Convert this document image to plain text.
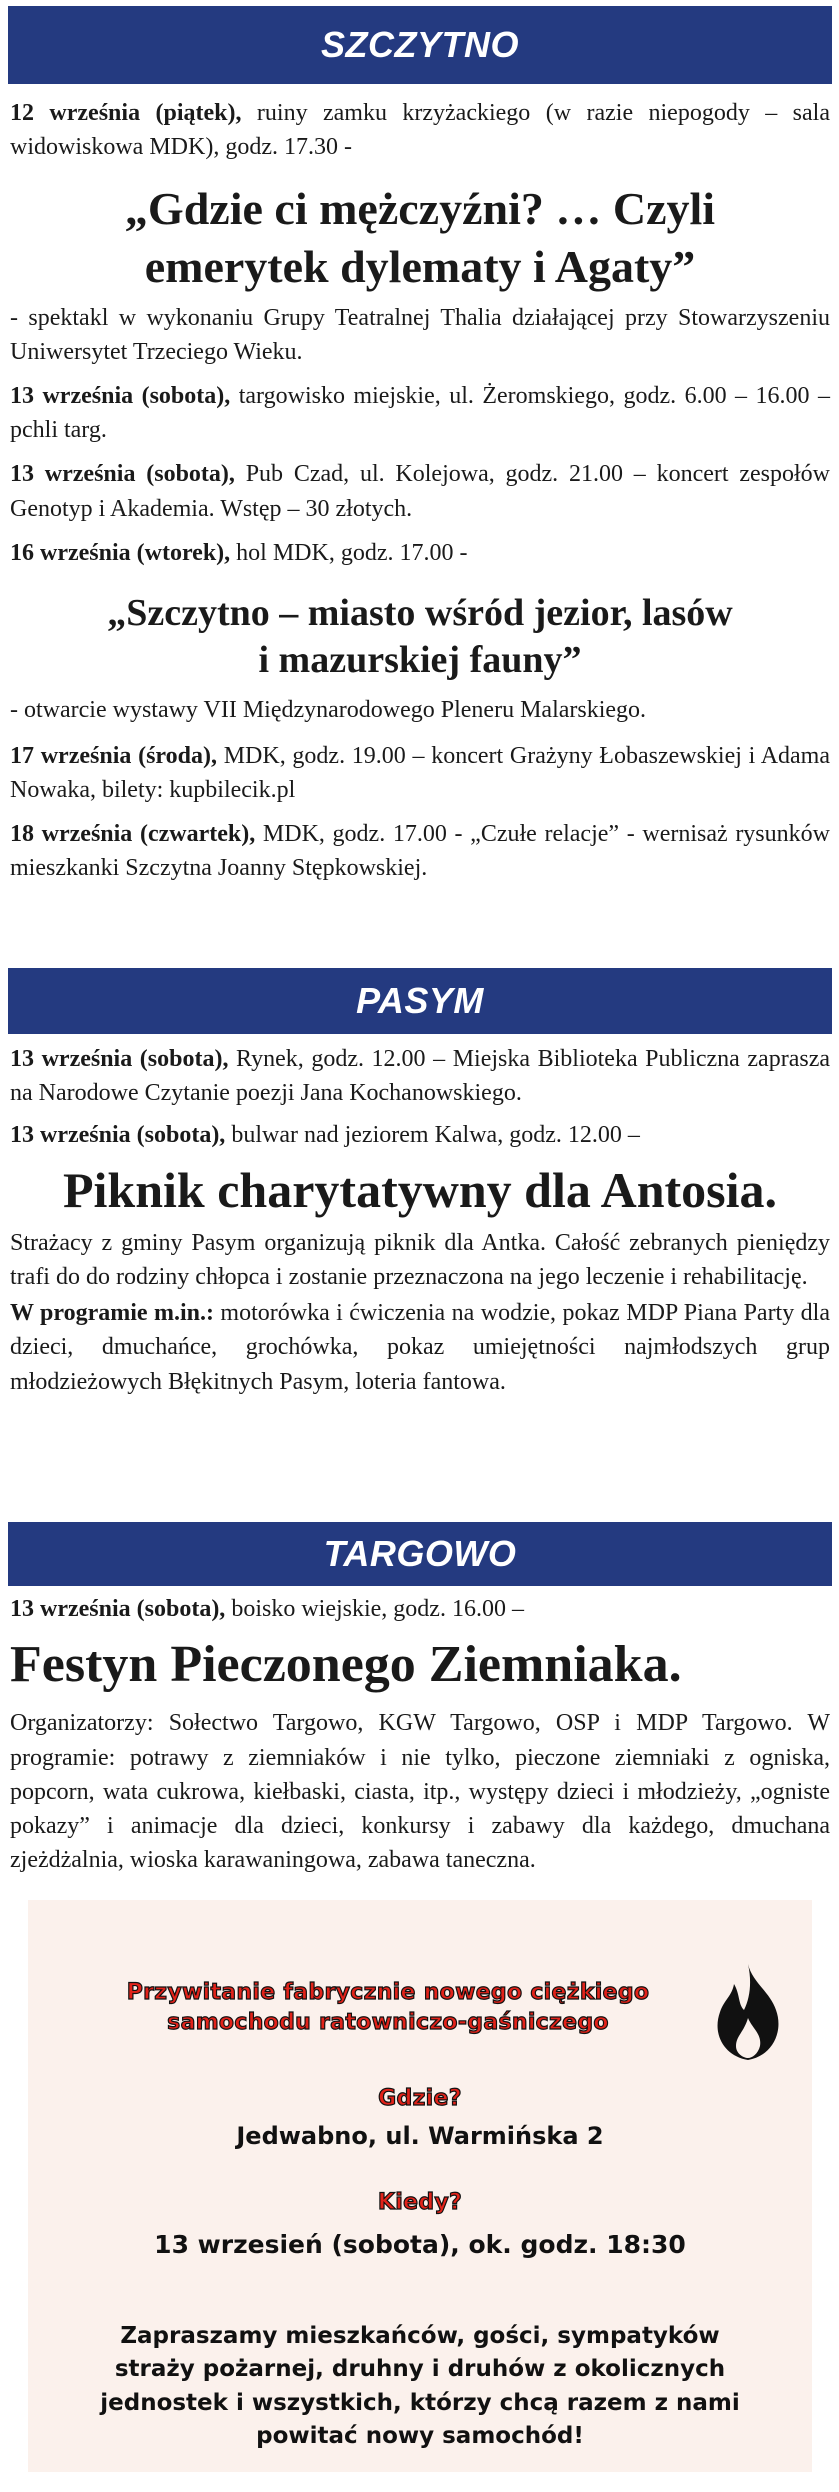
SZCZYTNO

12 września (piątek), ruiny zamku krzyżackiego (w razie niepogody – sala widowiskowa MDK), godz. 17.30 -

„Gdzie ci mężczyźni? … Czyli
emerytek dylematy i Agaty”

- spektakl w wykonaniu Grupy Teatralnej Thalia działającej przy Stowarzyszeniu Uniwersytet Trzeciego Wieku.

13 września (sobota), targowisko miejskie, ul. Żeromskiego, godz. 6.00 – 16.00 – pchli targ.

13 września (sobota), Pub Czad, ul. Kolejowa, godz. 21.00 – koncert zespołów Genotyp i Akademia. Wstęp – 30 złotych.

16 września (wtorek), hol MDK, godz. 17.00 -

„Szczytno – miasto wśród jezior, lasów
i mazurskiej fauny”

- otwarcie wystawy VII Międzynarodowego Pleneru Malarskiego.

17 września (środa), MDK, godz. 19.00 – koncert Grażyny Łobaszewskiej i Adama Nowaka, bilety: kupbilecik.pl

18 września (czwartek), MDK, godz. 17.00 - „Czułe relacje” - wernisaż rysunków mieszkanki Szczytna Joanny Stępkowskiej.

PASYM

13 września (sobota), Rynek, godz. 12.00 – Miejska Biblioteka Publiczna zaprasza na Narodowe Czytanie poezji Jana Kochanowskiego.

13 września (sobota), bulwar nad jeziorem Kalwa, godz. 12.00 –

Piknik charytatywny dla Antosia.

Strażacy z gminy Pasym organizują piknik dla Antka. Całość zebranych pieniędzy trafi do do rodziny chłopca i zostanie przeznaczona na jego leczenie i rehabilitację.

W programie m.in.: motorówka i ćwiczenia na wodzie, pokaz MDP Piana Party dla dzieci, dmuchańce, grochówka, pokaz umiejętności najmłodszych grup młodzieżowych Błękitnych Pasym, loteria fantowa.

TARGOWO

13 września (sobota), boisko wiejskie, godz. 16.00 –

Festyn Pieczonego Ziemniaka.

Organizatorzy: Sołectwo Targowo, KGW Targowo, OSP i MDP Targowo. W programie: potrawy z ziemniaków i nie tylko, pieczone ziemniaki z ogniska, popcorn, wata cukrowa, kiełbaski, ciasta, itp., występy dzieci i młodzieży, „ogniste pokazy” i animacje dla dzieci, konkursy i zabawy dla każdego, dmuchana zjeżdżalnia, wioska karawaningowa, zabawa taneczna.

Przywitanie fabrycznie nowego ciężkiego
samochodu ratowniczo-gaśniczego
Gdzie?
Jedwabno, ul. Warmińska 2
Kiedy?
13 wrzesień (sobota), ok. godz. 18:30
Zapraszamy mieszkańców, gości, sympatyków
straży pożarnej, druhny i druhów z okolicznych
jednostek i wszystkich, którzy chcą razem z nami
powitać nowy samochód!
